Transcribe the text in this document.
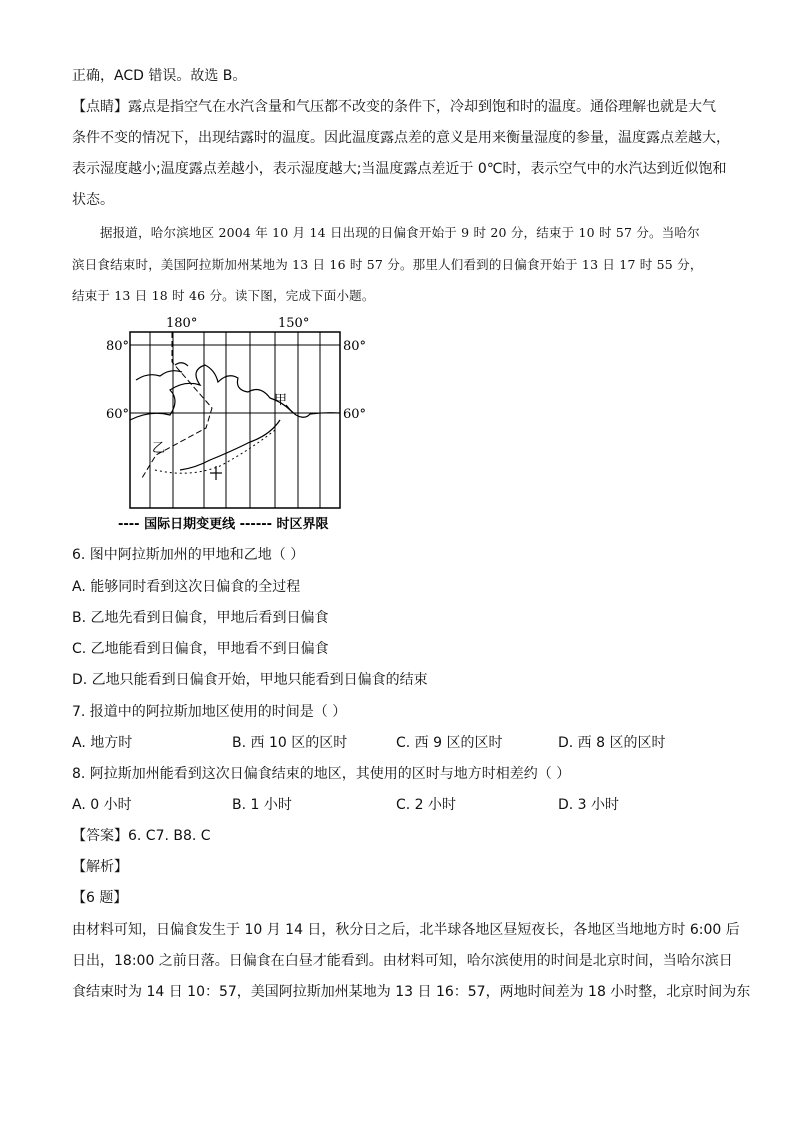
正确，ACD 错误。故选 B。
【点睛】露点是指空气在水汽含量和气压都不改变的条件下，冷却到饱和时的温度。通俗理解也就是大气
条件不变的情况下，出现结露时的温度。因此温度露点差的意义是用来衡量湿度的参量，温度露点差越大，
表示湿度越小;温度露点差越小，表示湿度越大;当温度露点差近于 0℃时，表示空气中的水汽达到近似饱和
状态。
据报道，哈尔滨地区 2004 年 10 月 14 日出现的日偏食开始于 9 时 20 分，结束于 10 时 57 分。当哈尔
滨日食结束时，美国阿拉斯加州某地为 13 日 16 时 57 分。那里人们看到的日偏食开始于 13 日 17 时 55 分，
结束于 13 日 18 时 46 分。读下图，完成下面小题。
甲
乙
180°	150°
80°	80°
60°	60°
---- 国际日期变更线 ------ 时区界限
6. 图中阿拉斯加州的甲地和乙地（ ）
A. 能够同时看到这次日偏食的全过程
B. 乙地先看到日偏食，甲地后看到日偏食
C. 乙地能看到日偏食，甲地看不到日偏食
D. 乙地只能看到日偏食开始，甲地只能看到日偏食的结束
7. 报道中的阿拉斯加地区使用的时间是（ ）
A. 地方时	B. 西 10 区的区时	C. 西 9 区的区时	D. 西 8 区的区时
8. 阿拉斯加州能看到这次日偏食结束的地区，其使用的区时与地方时相差约（ ）
A. 0 小时	B. 1 小时	C. 2 小时	D. 3 小时
【答案】6. C7. B8. C
【解析】
【6 题】
由材料可知，日偏食发生于 10 月 14 日，秋分日之后，北半球各地区昼短夜长，各地区当地地方时 6:00 后
日出，18:00 之前日落。日偏食在白昼才能看到。由材料可知，哈尔滨使用的时间是北京时间，当哈尔滨日
食结束时为 14 日 10：57，美国阿拉斯加州某地为 13 日 16：57，两地时间差为 18 小时整，北京时间为东
